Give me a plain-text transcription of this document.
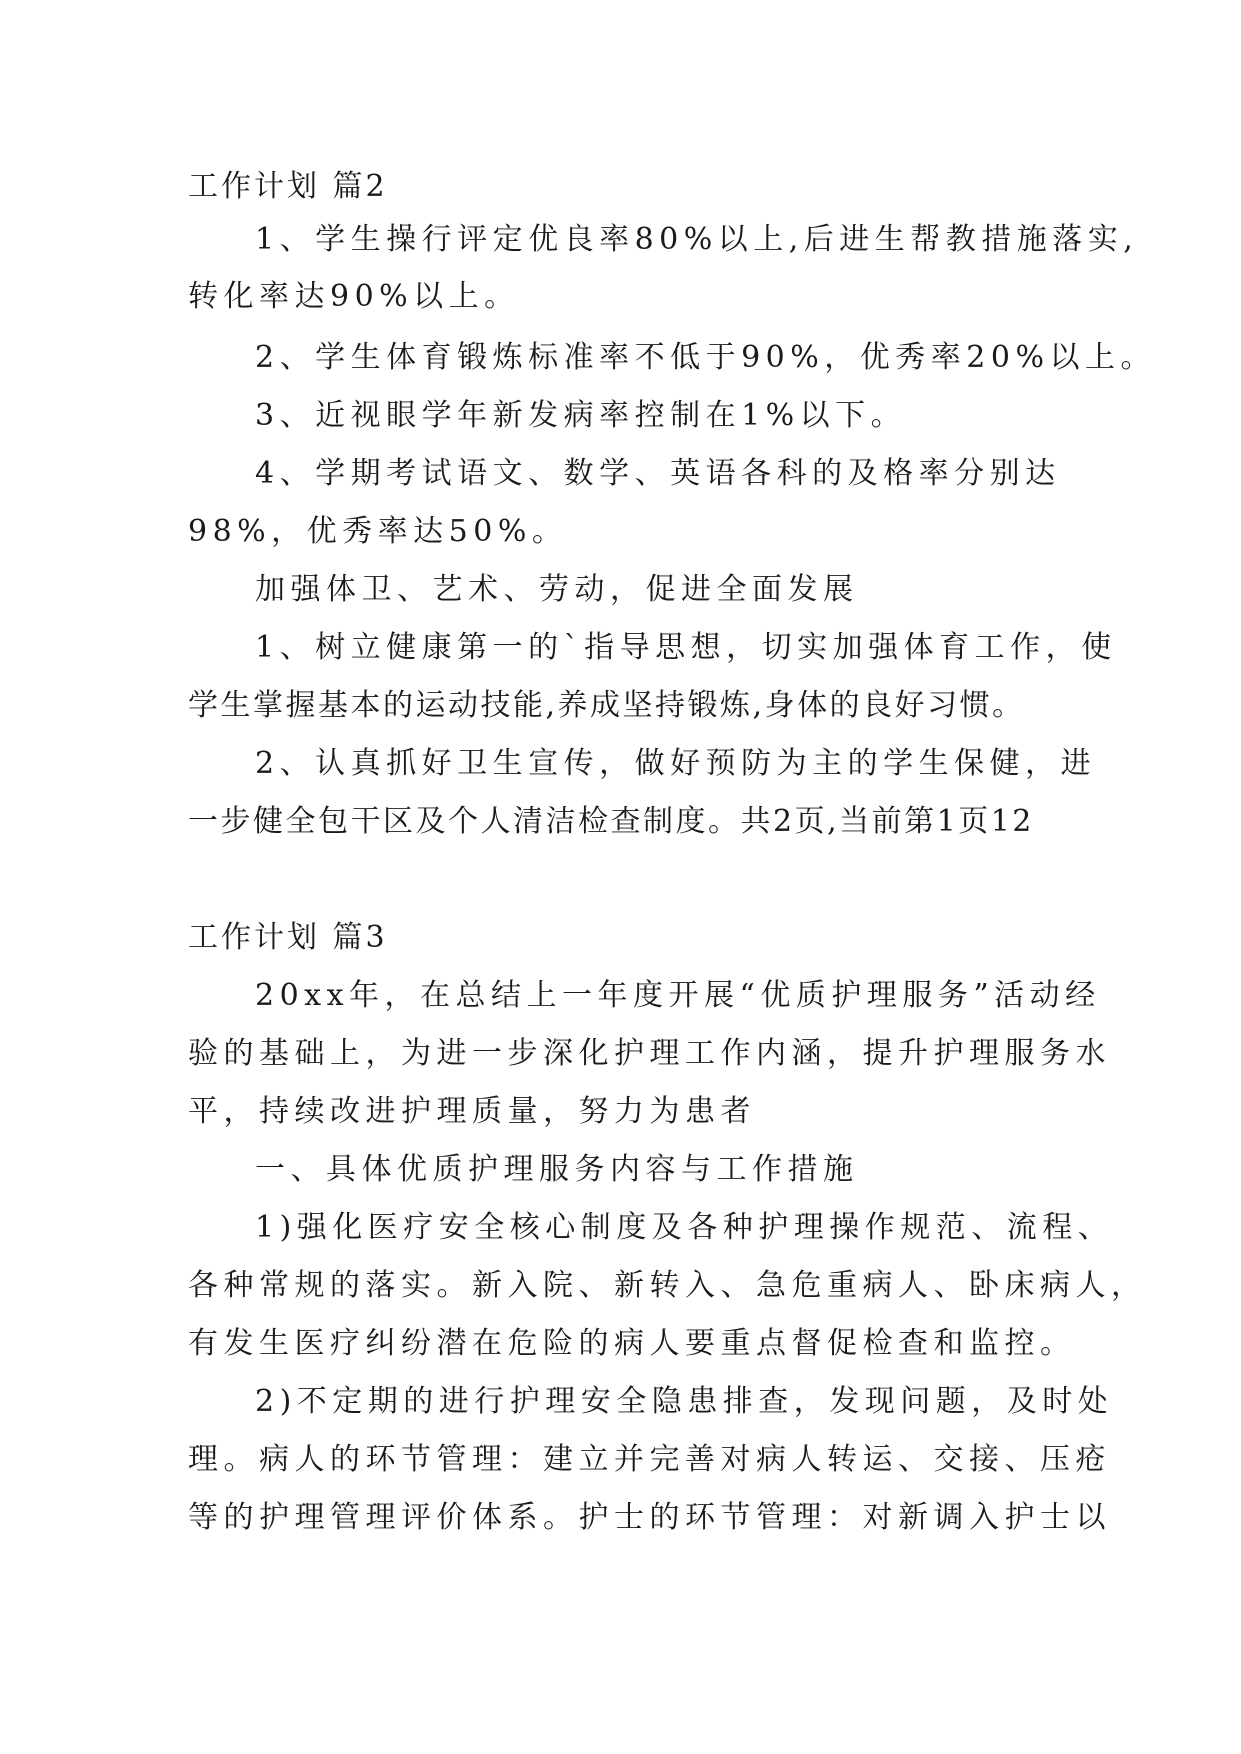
工作计划 篇2
1、学生操行评定优良率80%以上,后进生帮教措施落实,
转化率达90%以上。
2、学生体育锻炼标准率不低于90%，优秀率20%以上。
3、近视眼学年新发病率控制在1%以下。
4、学期考试语文、数学、英语各科的及格率分别达
98%，优秀率达50%。
加强体卫、艺术、劳动，促进全面发展
1、树立健康第一的`指导思想，切实加强体育工作，使
学生掌握基本的运动技能,养成坚持锻炼,身体的良好习惯。
2、认真抓好卫生宣传，做好预防为主的学生保健，进
一步健全包干区及个人清洁检查制度。共2页,当前第1页12
工作计划 篇3
20xx年，在总结上一年度开展“优质护理服务”活动经
验的基础上，为进一步深化护理工作内涵，提升护理服务水
平，持续改进护理质量，努力为患者
一、具体优质护理服务内容与工作措施
1)强化医疗安全核心制度及各种护理操作规范、流程、
各种常规的落实。新入院、新转入、急危重病人、卧床病人，
有发生医疗纠纷潜在危险的病人要重点督促检查和监控。
2)不定期的进行护理安全隐患排查，发现问题，及时处
理。病人的环节管理：建立并完善对病人转运、交接、压疮
等的护理管理评价体系。护士的环节管理：对新调入护士以
